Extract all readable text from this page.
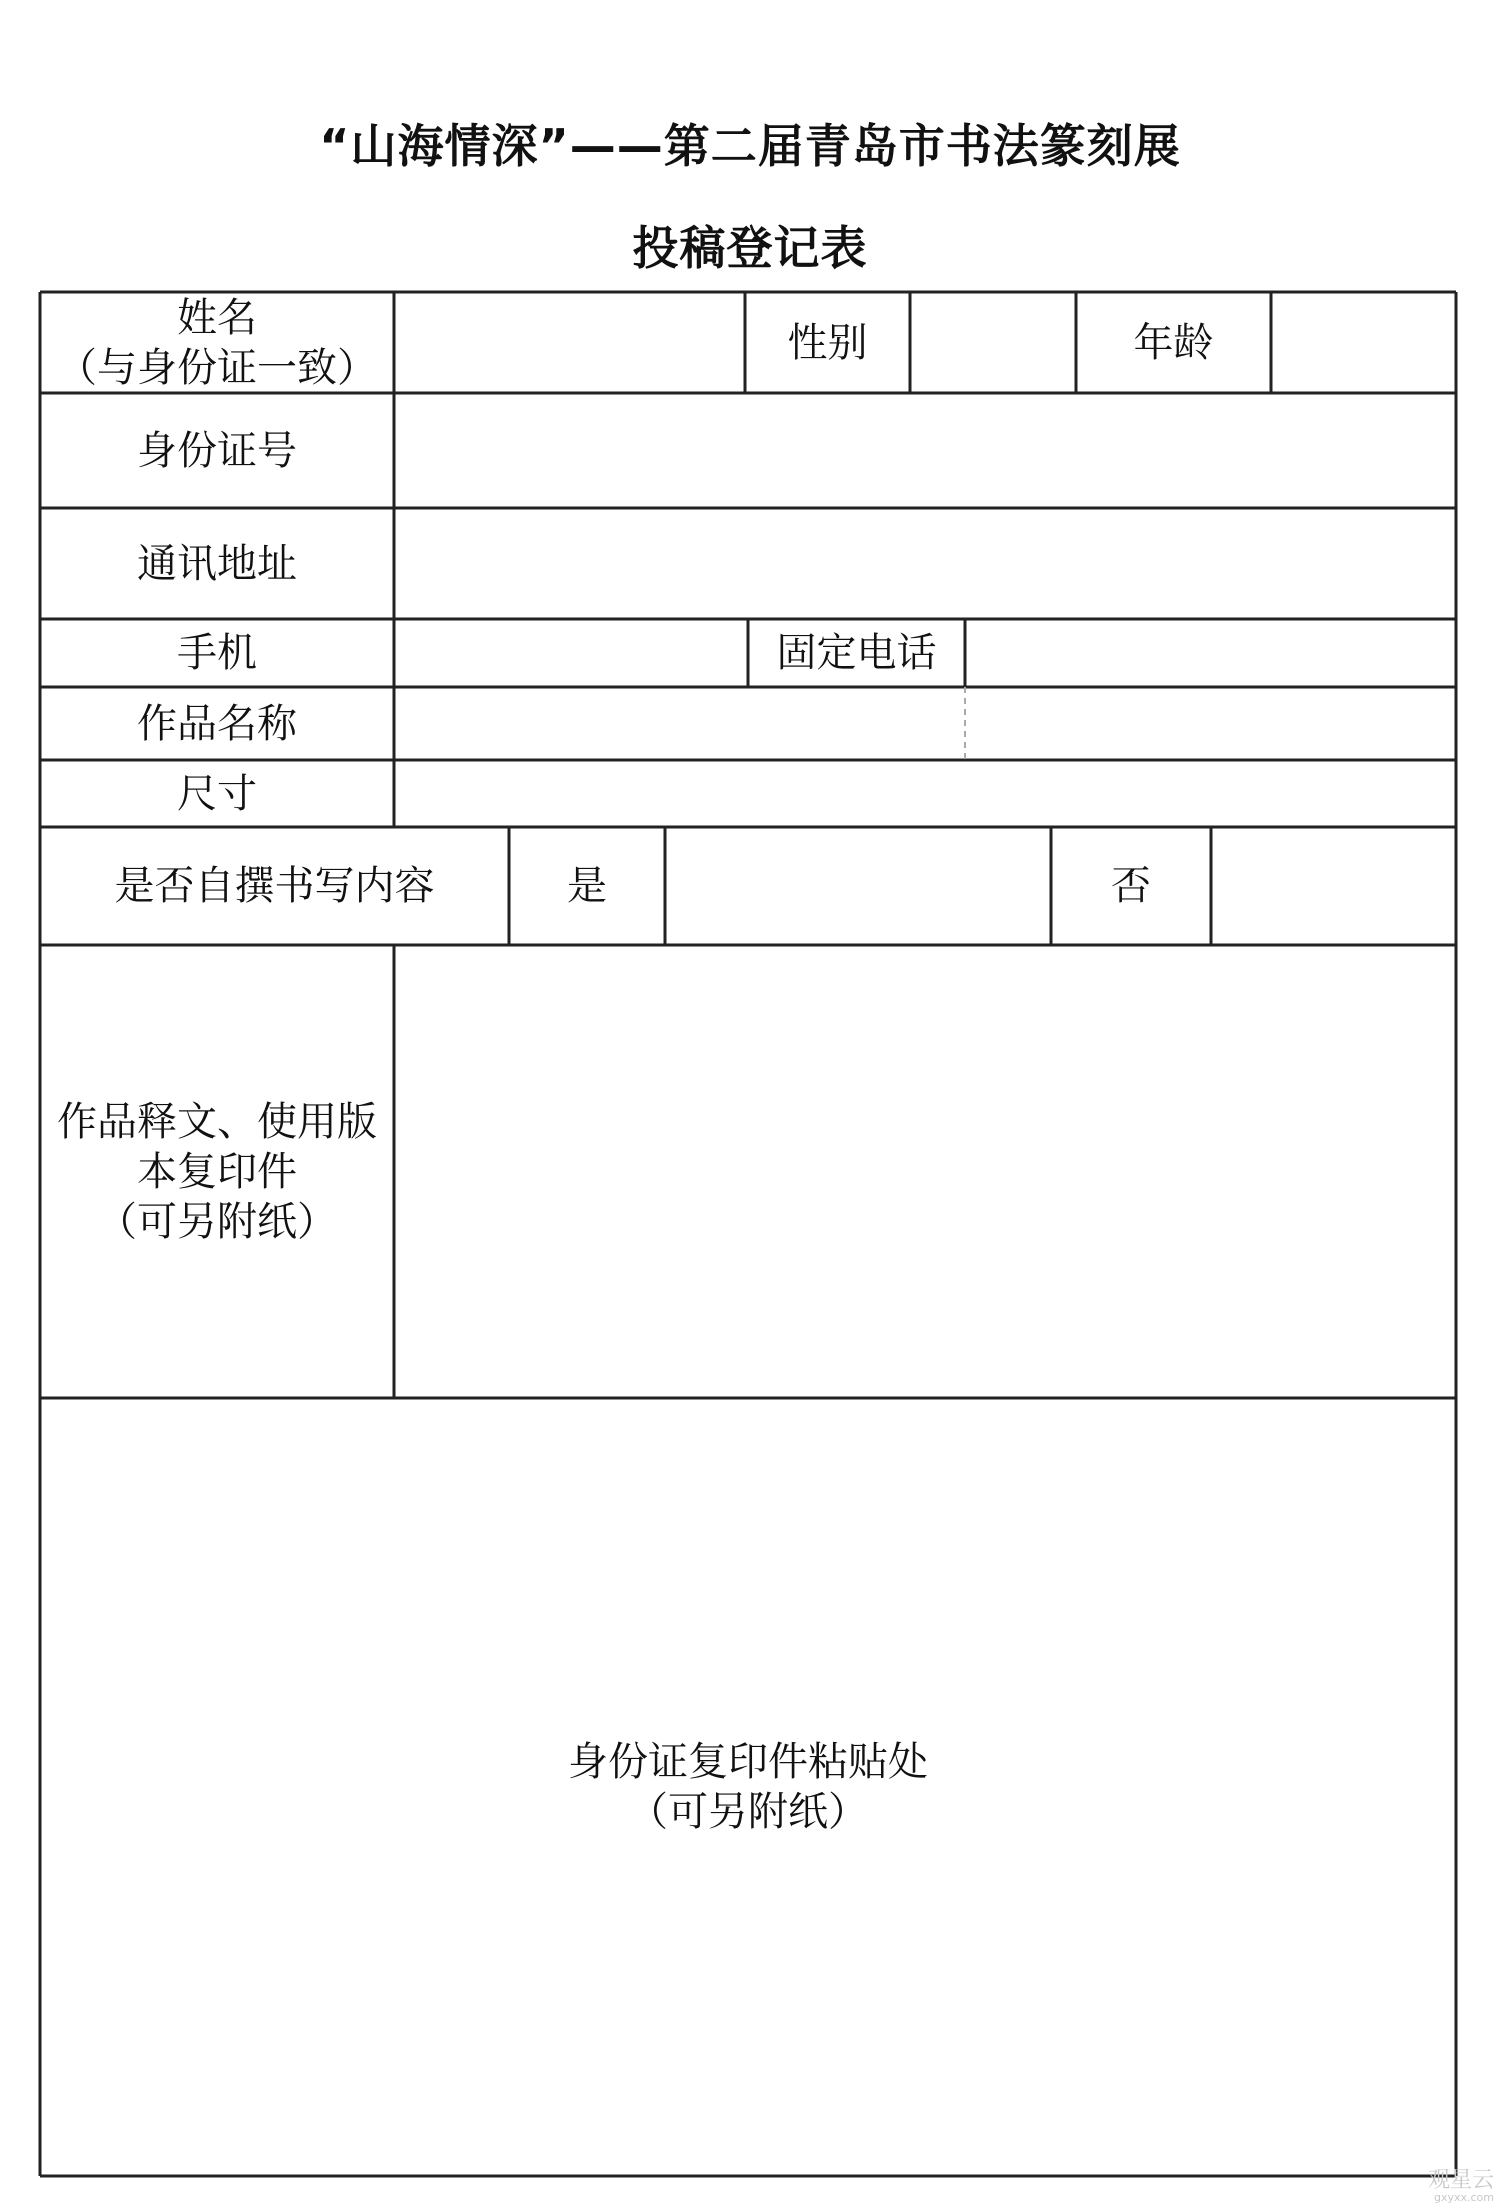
“山海情深”——第二届青岛市书法篆刻展
投稿登记表
姓名
（与身份证一致）
性别	年龄
身份证号
通讯地址
手机	固定电话
作品名称
尺寸
是否自撰书写内容	是	否
作品释文、使用版
本复印件
（可另附纸）
身份证复印件粘贴处
（可另附纸）
观星云
gxyxx.com
